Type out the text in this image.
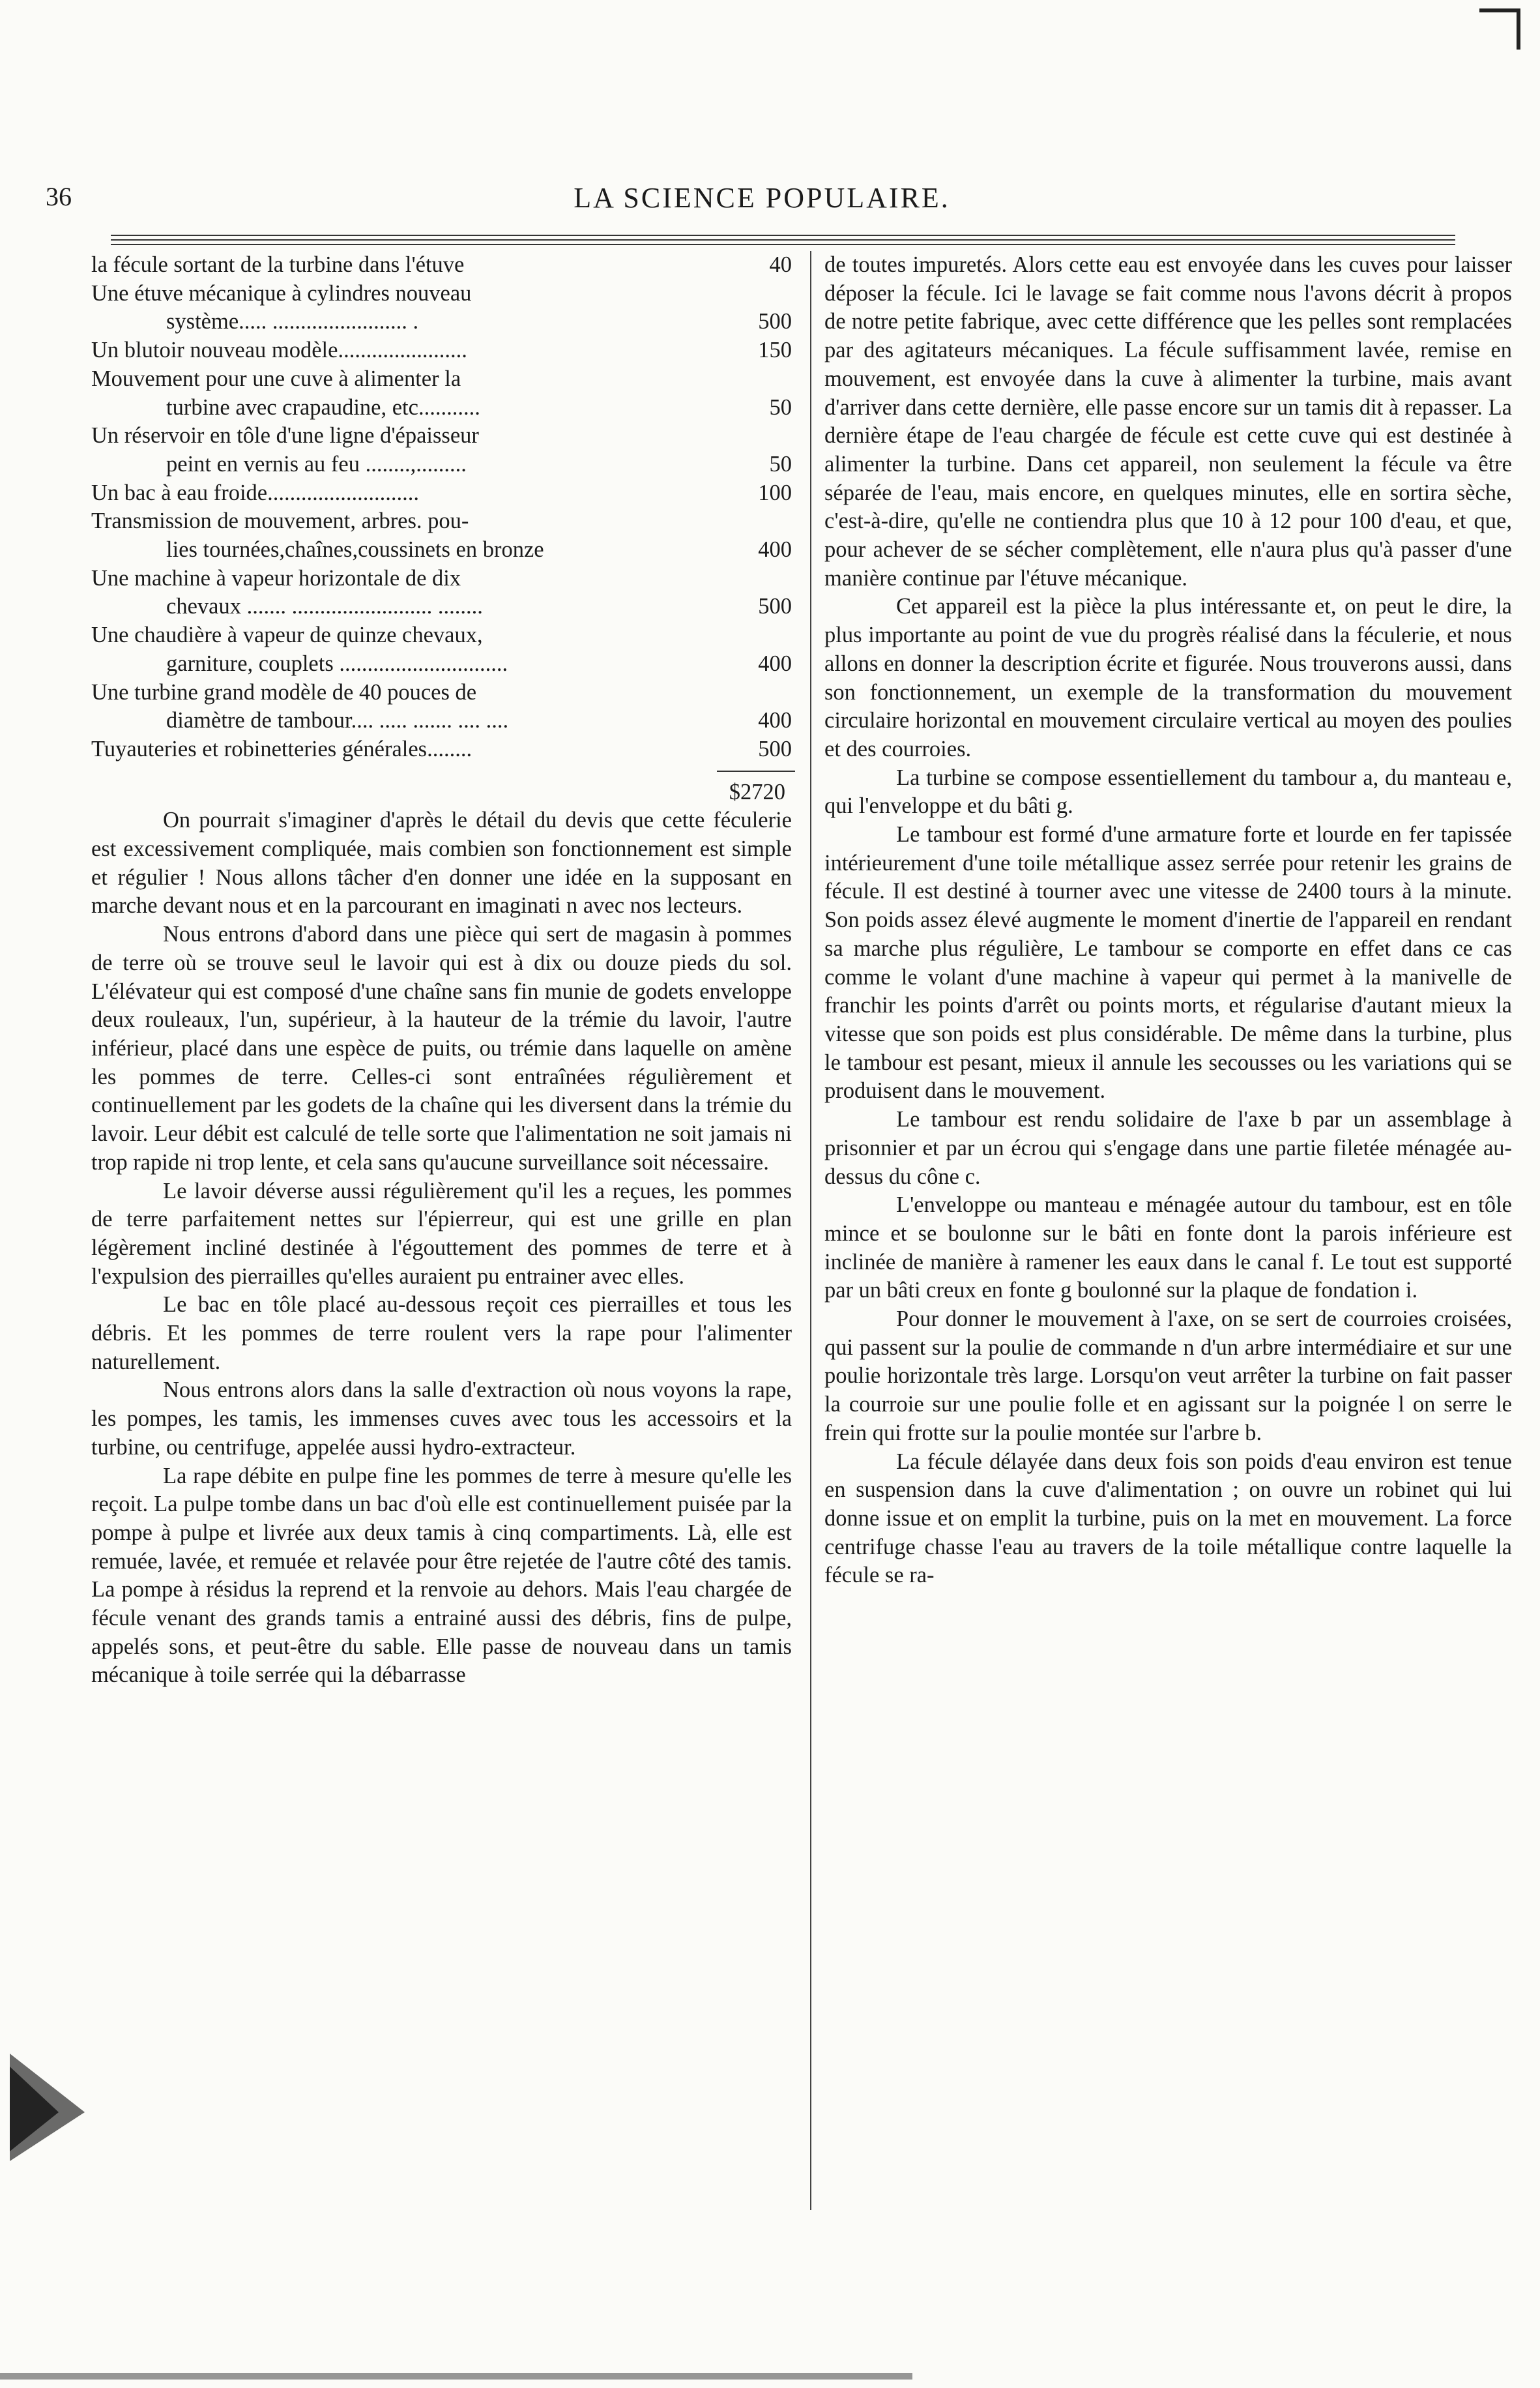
36	LA SCIENCE POPULAIRE.
la fécule sortant de la turbine dans l'étuve	40
Une étuve mécanique à cylindres nouveau
système..... ........................ .	500
Un blutoir nouveau modèle.......................	150
Mouvement pour une cuve à alimenter la
turbine avec crapaudine, etc...........	50
Un réservoir en tôle d'une ligne d'épaisseur
peint en vernis au feu ........,.........	50
Un bac à eau froide...........................	100
Transmission de mouvement, arbres. pou-
lies tournées,chaînes,coussinets en bronze	400
Une machine à vapeur horizontale de dix
chevaux ....... ......................... ........	500
Une chaudière à vapeur de quinze chevaux,
garniture, couplets ..............................	400
Une turbine grand modèle de 40 pouces de
diamètre de tambour.... ..... ....... .... ....	400
Tuyauteries et robinetteries générales........	500
$2720

On pourrait s'imaginer d'après le détail du devis que cette féculerie est excessivement compliquée, mais combien son fonctionnement est simple et régulier ! Nous allons tâcher d'en donner une idée en la supposant en marche devant nous et en la parcourant en imaginati n avec nos lecteurs.

Nous entrons d'abord dans une pièce qui sert de magasin à pommes de terre où se trouve seul le lavoir qui est à dix ou douze pieds du sol. L'élévateur qui est composé d'une chaîne sans fin munie de godets enveloppe deux rouleaux, l'un, supérieur, à la hauteur de la trémie du lavoir, l'autre inférieur, placé dans une espèce de puits, ou trémie dans laquelle on amène les pommes de terre. Celles-ci sont entraînées régulièrement et continuellement par les godets de la chaîne qui les diversent dans la trémie du lavoir. Leur débit est calculé de telle sorte que l'alimentation ne soit jamais ni trop rapide ni trop lente, et cela sans qu'aucune surveillance soit nécessaire.

Le lavoir déverse aussi régulièrement qu'il les a reçues, les pommes de terre parfaitement nettes sur l'épierreur, qui est une grille en plan légèrement incliné destinée à l'égouttement des pommes de terre et à l'expulsion des pierrailles qu'elles auraient pu entrainer avec elles.

Le bac en tôle placé au-dessous reçoit ces pierrailles et tous les débris. Et les pommes de terre roulent vers la rape pour l'alimenter naturellement.

Nous entrons alors dans la salle d'extraction où nous voyons la rape, les pompes, les tamis, les immenses cuves avec tous les accessoirs et la turbine, ou centrifuge, appelée aussi hydro-extracteur.

La rape débite en pulpe fine les pommes de terre à mesure qu'elle les reçoit. La pulpe tombe dans un bac d'où elle est continuellement puisée par la pompe à pulpe et livrée aux deux tamis à cinq compartiments. Là, elle est remuée, lavée, et remuée et relavée pour être rejetée de l'autre côté des tamis. La pompe à résidus la reprend et la renvoie au dehors. Mais l'eau chargée de fécule venant des grands tamis a entrainé aussi des débris, fins de pulpe, appelés sons, et peut-être du sable. Elle passe de nouveau dans un tamis mécanique à toile serrée qui la débarrasse

de toutes impuretés. Alors cette eau est envoyée dans les cuves pour laisser déposer la fécule. Ici le lavage se fait comme nous l'avons décrit à propos de notre petite fabrique, avec cette différence que les pelles sont remplacées par des agitateurs mécaniques. La fécule suffisamment lavée, remise en mouvement, est envoyée dans la cuve à alimenter la turbine, mais avant d'arriver dans cette dernière, elle passe encore sur un tamis dit à repasser. La dernière étape de l'eau chargée de fécule est cette cuve qui est destinée à alimenter la turbine. Dans cet appareil, non seulement la fécule va être séparée de l'eau, mais encore, en quelques minutes, elle en sortira sèche, c'est-à-dire, qu'elle ne contiendra plus que 10 à 12 pour 100 d'eau, et que, pour achever de se sécher complètement, elle n'aura plus qu'à passer d'une manière continue par l'étuve mécanique.

Cet appareil est la pièce la plus intéressante et, on peut le dire, la plus importante au point de vue du progrès réalisé dans la féculerie, et nous allons en donner la description écrite et figurée. Nous trouverons aussi, dans son fonctionnement, un exemple de la transformation du mouvement circulaire horizontal en mouvement circulaire vertical au moyen des poulies et des courroies.

La turbine se compose essentiellement du tambour a, du manteau e, qui l'enveloppe et du bâti g.

Le tambour est formé d'une armature forte et lourde en fer tapissée intérieurement d'une toile métallique assez serrée pour retenir les grains de fécule. Il est destiné à tourner avec une vitesse de 2400 tours à la minute. Son poids assez élevé augmente le moment d'inertie de l'appareil en rendant sa marche plus régulière, Le tambour se comporte en effet dans ce cas comme le volant d'une machine à vapeur qui permet à la manivelle de franchir les points d'arrêt ou points morts, et régularise d'autant mieux la vitesse que son poids est plus considérable. De même dans la turbine, plus le tambour est pesant, mieux il annule les secousses ou les variations qui se produisent dans le mouvement.

Le tambour est rendu solidaire de l'axe b par un assemblage à prisonnier et par un écrou qui s'engage dans une partie filetée ménagée au-dessus du cône c.

L'enveloppe ou manteau e ménagée autour du tambour, est en tôle mince et se boulonne sur le bâti en fonte dont la parois inférieure est inclinée de manière à ramener les eaux dans le canal f. Le tout est supporté par un bâti creux en fonte g boulonné sur la plaque de fondation i.

Pour donner le mouvement à l'axe, on se sert de courroies croisées, qui passent sur la poulie de commande n d'un arbre intermédiaire et sur une poulie horizontale très large. Lorsqu'on veut arrêter la turbine on fait passer la courroie sur une poulie folle et en agissant sur la poignée l on serre le frein qui frotte sur la poulie montée sur l'arbre b.

La fécule délayée dans deux fois son poids d'eau environ est tenue en suspension dans la cuve d'alimentation ; on ouvre un robinet qui lui donne issue et on emplit la turbine, puis on la met en mouvement. La force centrifuge chasse l'eau au travers de la toile métallique contre laquelle la fécule se ra-
